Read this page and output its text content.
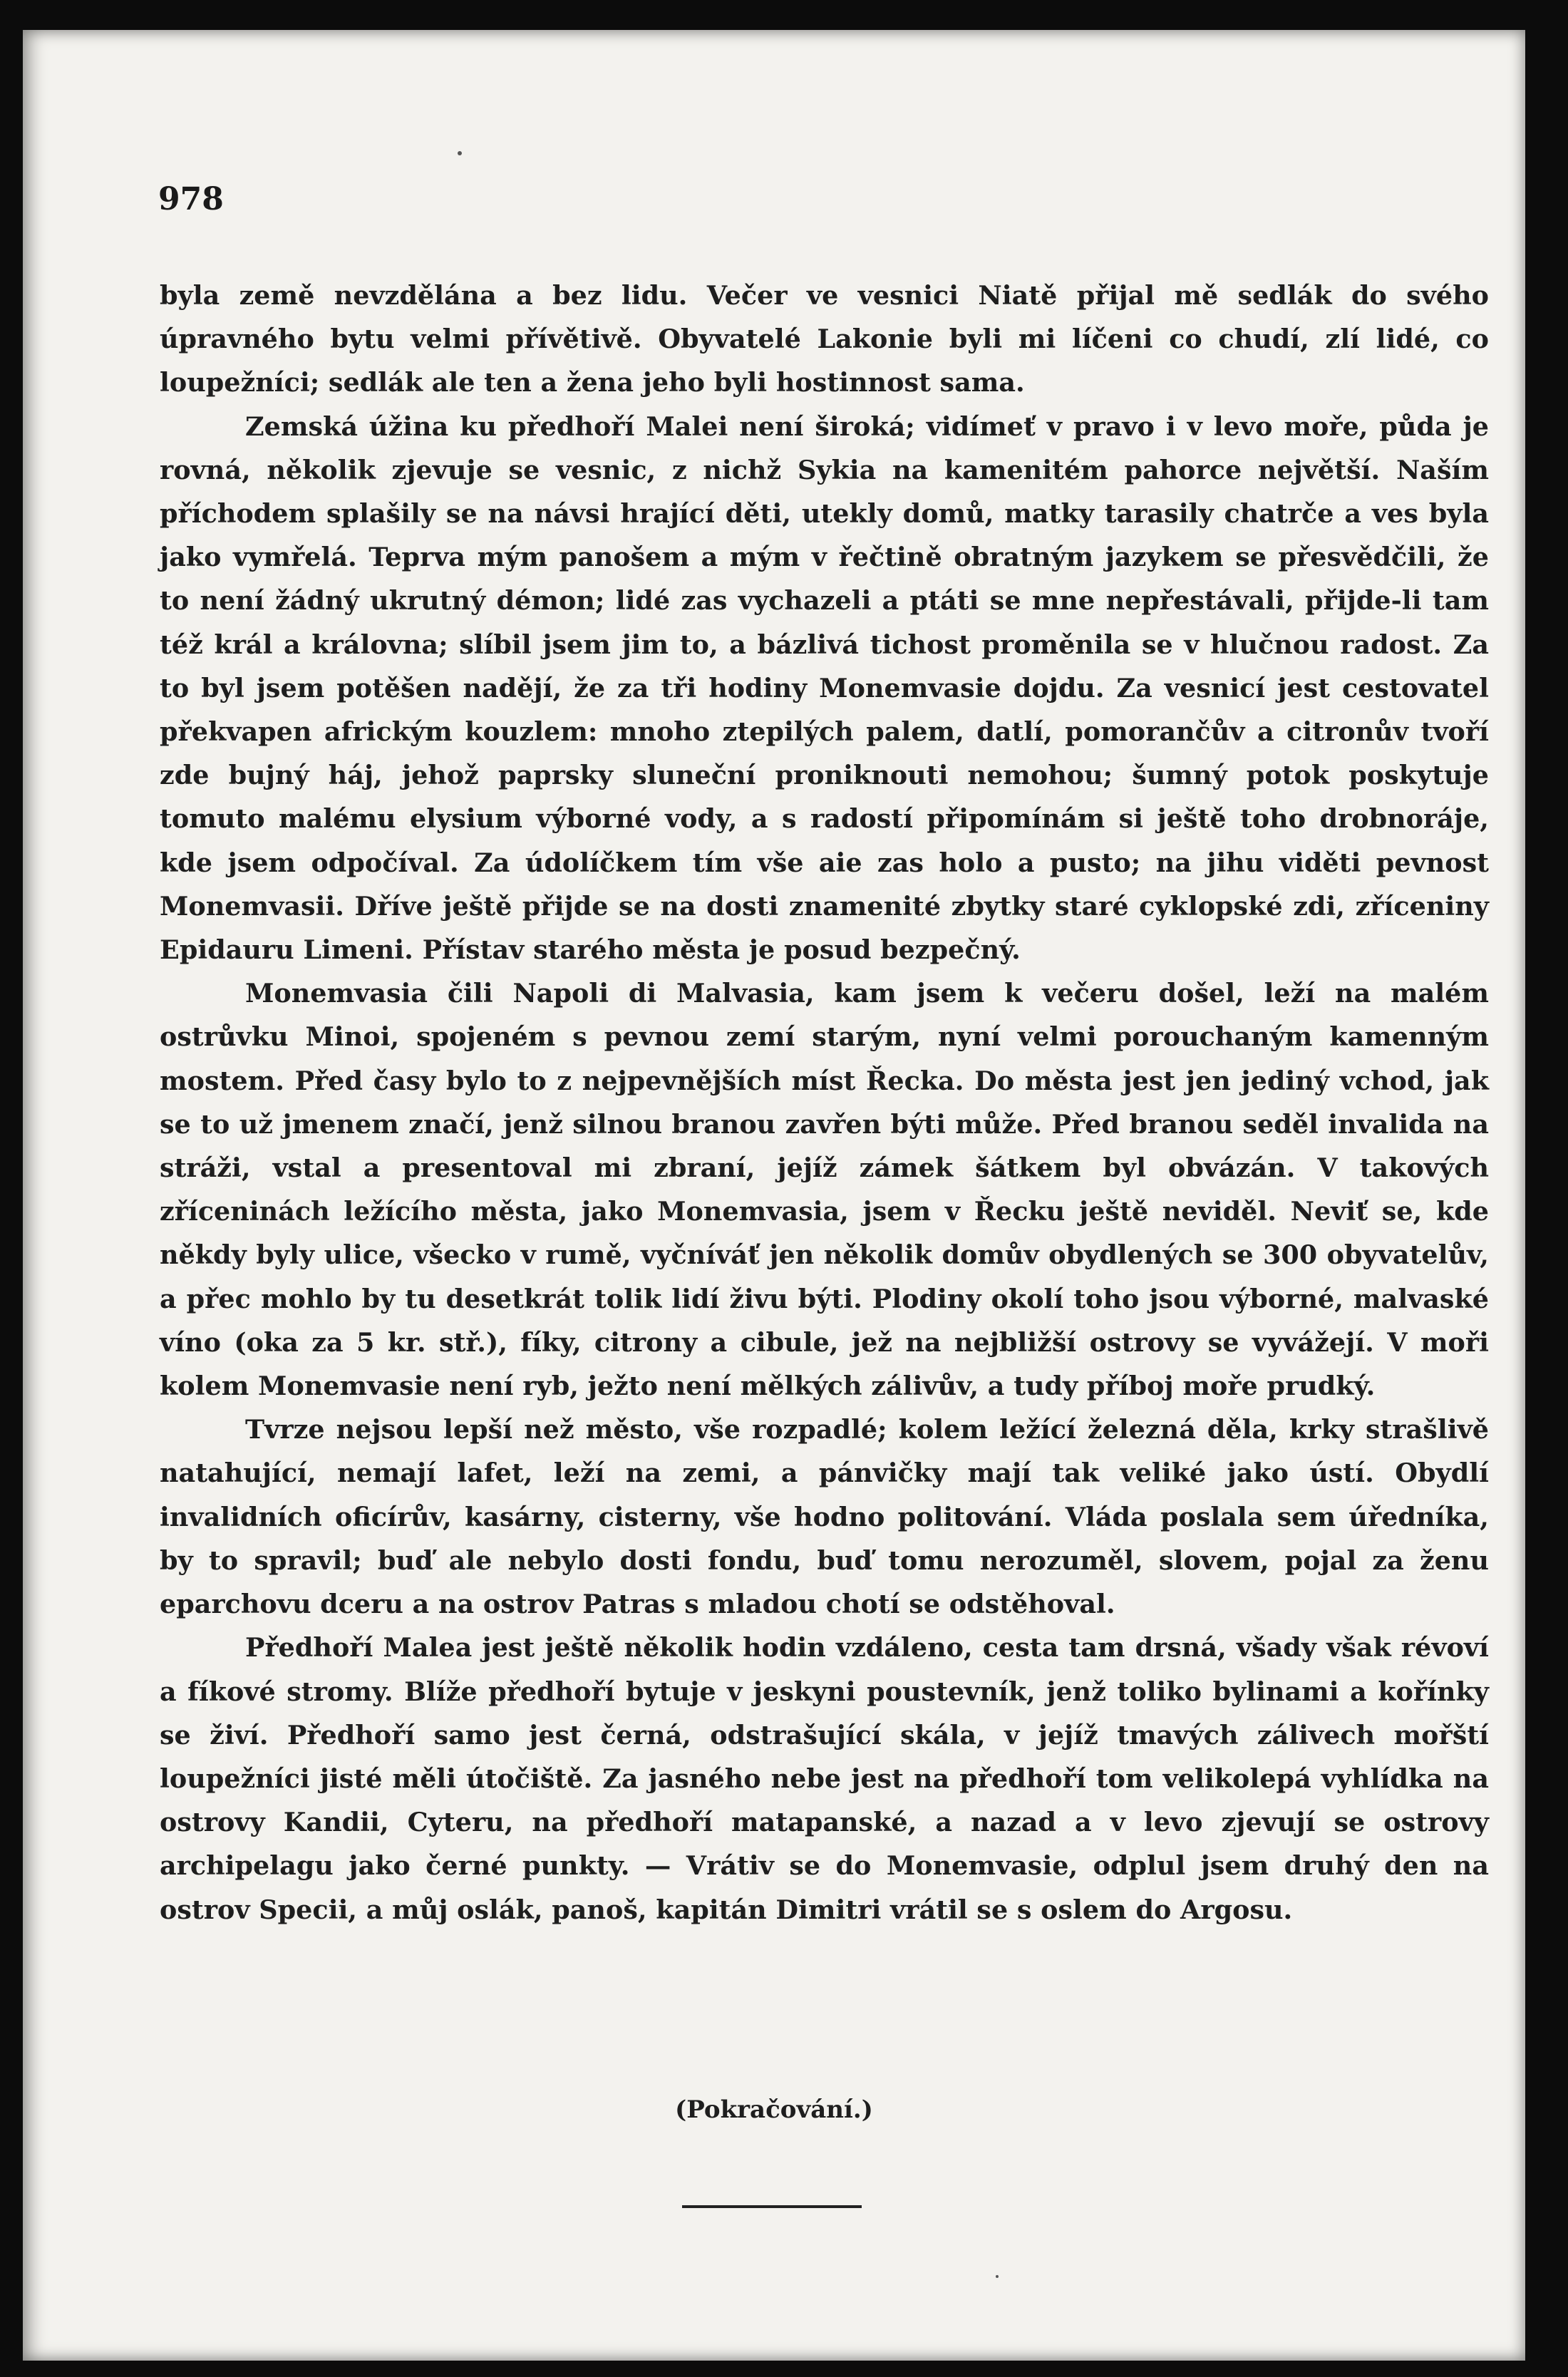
978

byla země nevzdělána a bez lidu. Večer ve vesnici Niatě přijal mě sedlák do svého úpravného bytu velmi přívětivě. Obyvatelé Lakonie byli mi líčeni co chudí, zlí lidé, co loupežníci; sedlák ale ten a žena jeho byli hostinnost sama.

Zemská úžina ku předhoří Malei není široká; vidímeť v pravo i v levo moře, půda je rovná, několik zjevuje se vesnic, z nichž Sykia na kamenitém pahorce největší. Naším příchodem splašily se na návsi hrající děti, utekly domů, matky tarasily chatrče a ves byla jako vymřelá. Teprva mým panošem a mým v řečtině obratným jazykem se přesvědčili, že to není žádný ukrutný démon; lidé zas vychazeli a ptáti se mne nepřestávali, přijde-li tam též král a královna; slíbil jsem jim to, a bázlivá tichost proměnila se v hlučnou radost. Za to byl jsem potěšen nadějí, že za tři hodiny Monemvasie dojdu. Za vesnicí jest cestovatel překvapen africkým kouzlem: mnoho ztepilých palem, datlí, pomorančův a citronův tvoří zde bujný háj, jehož paprsky sluneční proniknouti nemohou; šumný potok poskytuje tomuto malému elysium výborné vody, a s radostí připomínám si ještě toho drobnoráje, kde jsem odpočíval. Za údolíčkem tím vše aie zas holo a pusto; na jihu viděti pevnost Monemvasii. Dříve ještě přijde se na dosti znamenité zbytky staré cyklopské zdi, zříceniny Epidauru Limeni. Přístav starého města je posud bezpečný.

Monemvasia čili Napoli di Malvasia, kam jsem k večeru došel, leží na malém ostrůvku Minoi, spojeném s pevnou zemí starým, nyní velmi porouchaným kamenným mostem. Před časy bylo to z nejpevnějších míst Řecka. Do města jest jen jediný vchod, jak se to už jmenem značí, jenž silnou branou zavřen býti může. Před branou seděl invalida na stráži, vstal a presentoval mi zbraní, jejíž zámek šátkem byl obvázán. V takových zříceninách ležícího města, jako Monemvasia, jsem v Řecku ještě neviděl. Neviť se, kde někdy byly ulice, všecko v rumě, vyčníváť jen několik domův obydlených se 300 obyvatelův, a přec mohlo by tu desetkrát tolik lidí živu býti. Plodiny okolí toho jsou výborné, malvaské víno (oka za 5 kr. stř.), fíky, citrony a cibule, jež na nejbližší ostrovy se vyvážejí. V moři kolem Monemvasie není ryb, ježto není mělkých zálivův, a tudy příboj moře prudký.

Tvrze nejsou lepší než město, vše rozpadlé; kolem ležící železná děla, krky strašlivě natahující, nemají lafet, leží na zemi, a pánvičky mají tak veliké jako ústí. Obydlí invalidních oficírův, kasárny, cisterny, vše hodno politování. Vláda poslala sem úředníka, by to spravil; buď ale nebylo dosti fondu, buď tomu nerozuměl, slovem, pojal za ženu eparchovu dceru a na ostrov Patras s mladou chotí se odstěhoval.

Předhoří Malea jest ještě několik hodin vzdáleno, cesta tam drsná, všady však révoví a fíkové stromy. Blíže předhoří bytuje v jeskyni poustevník, jenž toliko bylinami a kořínky se živí. Předhoří samo jest černá, odstrašující skála, v jejíž tmavých zálivech mořští loupežníci jisté měli útočiště. Za jasného nebe jest na předhoří tom velikolepá vyhlídka na ostrovy Kandii, Cyteru, na předhoří matapanské, a nazad a v levo zjevují se ostrovy archipelagu jako černé punkty. — Vrátiv se do Monemvasie, odplul jsem druhý den na ostrov Specii, a můj oslák, panoš, kapitán Dimitri vrátil se s oslem do Argosu.

(Pokračování.)
